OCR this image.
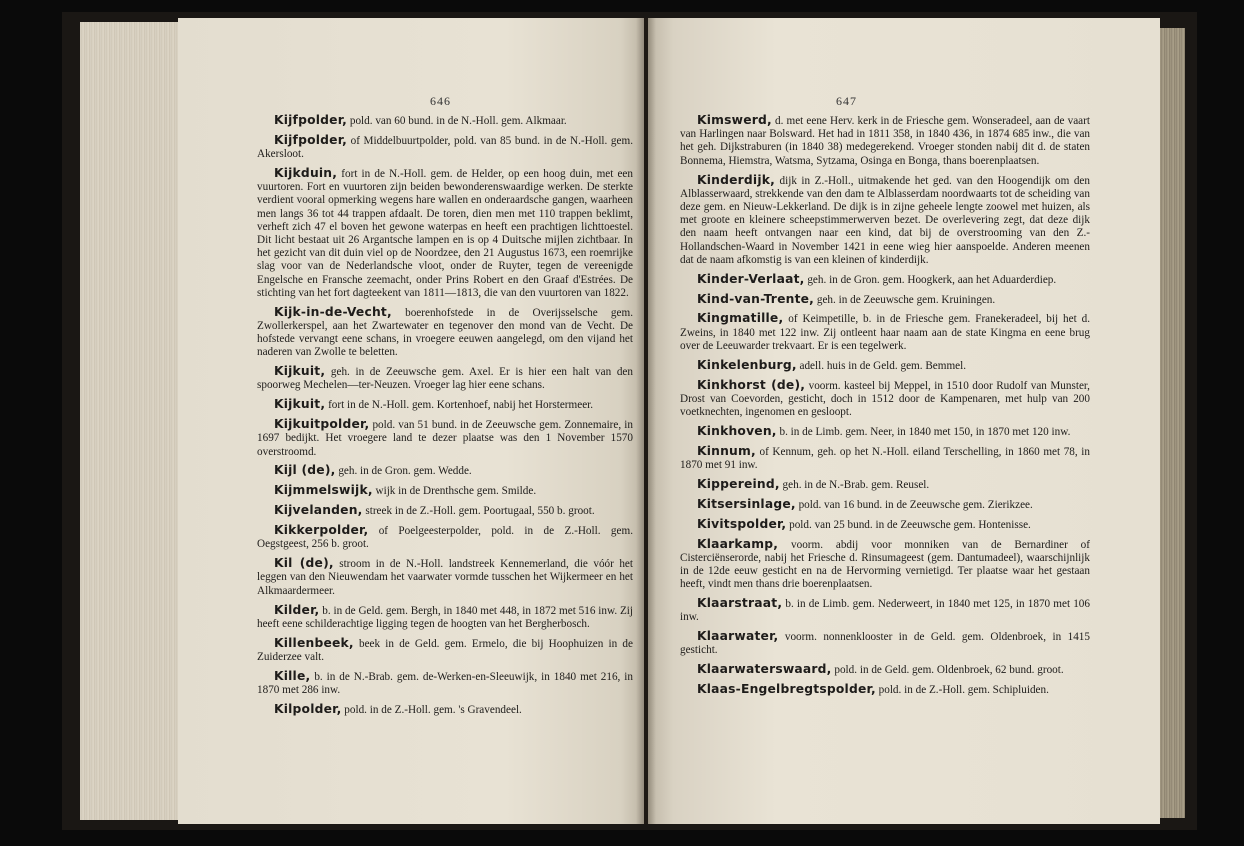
646

Kijfpolder, pold. van 60 bund. in de N.-Holl. gem. Alkmaar.

Kijfpolder, of Middelbuurtpolder, pold. van 85 bund. in de N.-Holl. gem. Akersloot.

Kijkduin, fort in de N.-Holl. gem. de Helder, op een hoog duin, met een vuurtoren. Fort en vuurtoren zijn beiden bewonderenswaardige werken. De sterkte verdient vooral opmerking wegens hare wallen en onderaardsche gangen, waarheen men langs 36 tot 44 trappen afdaalt. De toren, dien men met 110 trappen beklimt, verheft zich 47 el boven het gewone waterpas en heeft een prachtigen lichttoestel. Dit licht bestaat uit 26 Argantsche lampen en is op 4 Duitsche mijlen zichtbaar. In het gezicht van dit duin viel op de Noordzee, den 21 Augustus 1673, een roemrijke slag voor van de Nederlandsche vloot, onder de Ruyter, tegen de vereenigde Engelsche en Fransche zeemacht, onder Prins Robert en den Graaf d'Estrées. De stichting van het fort dagteekent van 1811—1813, die van den vuurtoren van 1822.

Kijk-in-de-Vecht, boerenhofstede in de Overijsselsche gem. Zwollerkerspel, aan het Zwartewater en tegenover den mond van de Vecht. De hofstede vervangt eene schans, in vroegere eeuwen aangelegd, om den vijand het naderen van Zwolle te beletten.

Kijkuit, geh. in de Zeeuwsche gem. Axel. Er is hier een halt van den spoorweg Mechelen—ter-Neuzen. Vroeger lag hier eene schans.

Kijkuit, fort in de N.-Holl. gem. Kortenhoef, nabij het Horstermeer.

Kijkuitpolder, pold. van 51 bund. in de Zeeuwsche gem. Zonnemaire, in 1697 bedijkt. Het vroegere land te dezer plaatse was den 1 November 1570 overstroomd.

Kijl (de), geh. in de Gron. gem. Wedde.

Kijmmelswijk, wijk in de Drenthsche gem. Smilde.

Kijvelanden, streek in de Z.-Holl. gem. Poortugaal, 550 b. groot.

Kikkerpolder, of Poelgeesterpolder, pold. in de Z.-Holl. gem. Oegstgeest, 256 b. groot.

Kil (de), stroom in de N.-Holl. landstreek Kennemerland, die vóór het leggen van den Nieuwendam het vaarwater vormde tusschen het Wijkermeer en het Alkmaardermeer.

Kilder, b. in de Geld. gem. Bergh, in 1840 met 448, in 1872 met 516 inw. Zij heeft eene schilderachtige ligging tegen de hoogten van het Bergherbosch.

Killenbeek, beek in de Geld. gem. Ermelo, die bij Hoophuizen in de Zuiderzee valt.

Kille, b. in de N.-Brab. gem. de-Werken-en-Sleeuwijk, in 1840 met 216, in 1870 met 286 inw.

Kilpolder, pold. in de Z.-Holl. gem. 's Gravendeel.

647

Kimswerd, d. met eene Herv. kerk in de Friesche gem. Wonseradeel, aan de vaart van Harlingen naar Bolsward. Het had in 1811 358, in 1840 436, in 1874 685 inw., die van het geh. Dijkstraburen (in 1840 38) medegerekend. Vroeger stonden nabij dit d. de staten Bonnema, Hiemstra, Watsma, Sytzama, Osinga en Bonga, thans boerenplaatsen.

Kinderdijk, dijk in Z.-Holl., uitmakende het ged. van den Hoogendijk om den Alblasserwaard, strekkende van den dam te Alblasserdam noordwaarts tot de scheiding van deze gem. en Nieuw-Lekkerland. De dijk is in zijne geheele lengte zoowel met huizen, als met groote en kleinere scheepstimmerwerven bezet. De overlevering zegt, dat deze dijk den naam heeft ontvangen naar een kind, dat bij de overstrooming van den Z.-Hollandschen-Waard in November 1421 in eene wieg hier aanspoelde. Anderen meenen dat de naam afkomstig is van een kleinen of kinderdijk.

Kinder-Verlaat, geh. in de Gron. gem. Hoogkerk, aan het Aduarderdiep.

Kind-van-Trente, geh. in de Zeeuwsche gem. Kruiningen.

Kingmatille, of Keimpetille, b. in de Friesche gem. Franekeradeel, bij het d. Zweins, in 1840 met 122 inw. Zij ontleent haar naam aan de state Kingma en eene brug over de Leeuwarder trekvaart. Er is een tegelwerk.

Kinkelenburg, adell. huis in de Geld. gem. Bemmel.

Kinkhorst (de), voorm. kasteel bij Meppel, in 1510 door Rudolf van Munster, Drost van Coevorden, gesticht, doch in 1512 door de Kampenaren, met hulp van 200 voetknechten, ingenomen en gesloopt.

Kinkhoven, b. in de Limb. gem. Neer, in 1840 met 150, in 1870 met 120 inw.

Kinnum, of Kennum, geh. op het N.-Holl. eiland Terschelling, in 1860 met 78, in 1870 met 91 inw.

Kippereind, geh. in de N.-Brab. gem. Reusel.

Kitsersinlage, pold. van 16 bund. in de Zeeuwsche gem. Zierikzee.

Kivitspolder, pold. van 25 bund. in de Zeeuwsche gem. Hontenisse.

Klaarkamp, voorm. abdij voor monniken van de Bernardiner of Cisterciënserorde, nabij het Friesche d. Rinsumageest (gem. Dantumadeel), waarschijnlijk in de 12de eeuw gesticht en na de Hervorming vernietigd. Ter plaatse waar het gestaan heeft, vindt men thans drie boerenplaatsen.

Klaarstraat, b. in de Limb. gem. Nederweert, in 1840 met 125, in 1870 met 106 inw.

Klaarwater, voorm. nonnenklooster in de Geld. gem. Oldenbroek, in 1415 gesticht.

Klaarwaterswaard, pold. in de Geld. gem. Oldenbroek, 62 bund. groot.

Klaas-Engelbregtspolder, pold. in de Z.-Holl. gem. Schipluiden.
